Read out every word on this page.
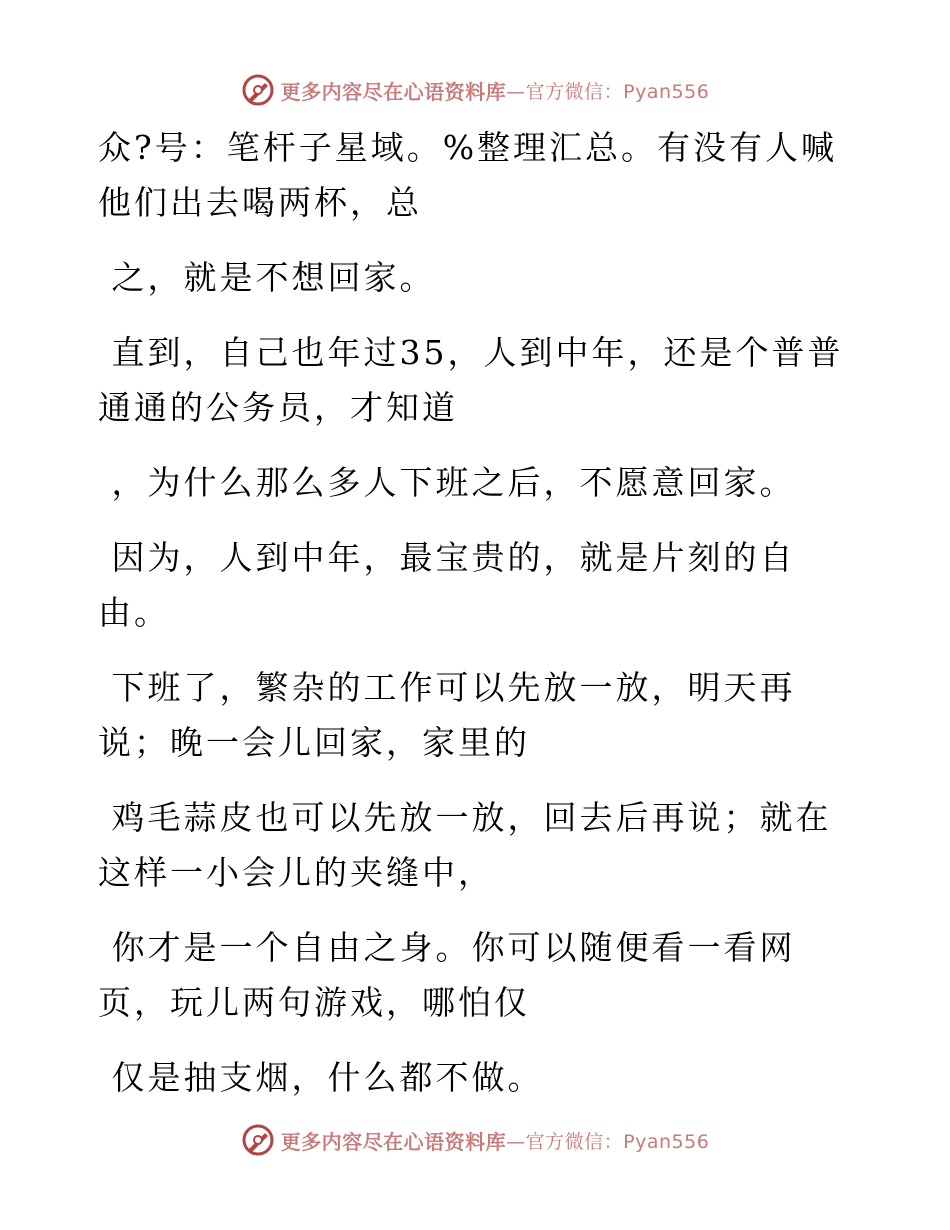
更多内容尽在心语资料库 —官方微信：Pyan556

众?号：笔杆子星域。%整理汇总。有没有人喊他们出去喝两杯，总

之，就是不想回家。

直到，自己也年过35，人到中年，还是个普普通通的公务员，才知道

，为什么那么多人下班之后，不愿意回家。

因为，人到中年，最宝贵的，就是片刻的自由。

下班了，繁杂的工作可以先放一放，明天再说；晚一会儿回家，家里的

鸡毛蒜皮也可以先放一放，回去后再说；就在这样一小会儿的夹缝中，

你才是一个自由之身。你可以随便看一看网页，玩儿两句游戏，哪怕仅

仅是抽支烟，什么都不做。

更多内容尽在心语资料库 —官方微信：Pyan556
